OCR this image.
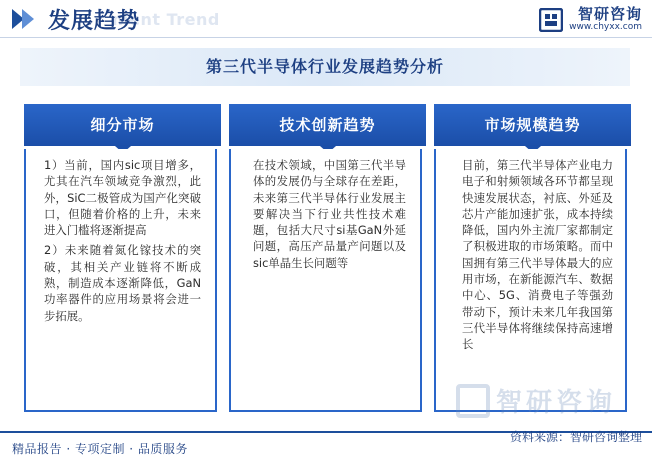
ment Trend
发展趋势	智研咨询
www.chyxx.com
第三代半导体行业发展趋势分析
细分市场

1）当前，国内sic项目增多，尤其在汽车领域竞争激烈，此外，SiC二极管成为国产化突破口，但随着价格的上升，未来进入门槛将逐渐提高

2）未来随着氮化镓技术的突破，其相关产业链将不断成熟，制造成本逐渐降低，GaN功率器件的应用场景将会进一步拓展。

技术创新趋势

在技术领域，中国第三代半导体的发展仍与全球存在差距，未来第三代半导体行业发展主要解决当下行业共性技术难题，包括大尺寸si基GaN外延问题，高压产品量产问题以及sic单晶生长问题等

市场规模趋势

目前，第三代半导体产业电力电子和射频领域各环节都呈现快速发展状态，衬底、外延及芯片产能加速扩张，成本持续降低，国内外主流厂家都制定了积极进取的市场策略。而中国拥有第三代半导体最大的应用市场，在新能源汽车、数据中心、5G、消费电子等强劲带动下，预计未来几年我国第三代半导体将继续保持高速增长

智研咨询
精品报告 · 专项定制 · 品质服务
资料来源：智研咨询整理
